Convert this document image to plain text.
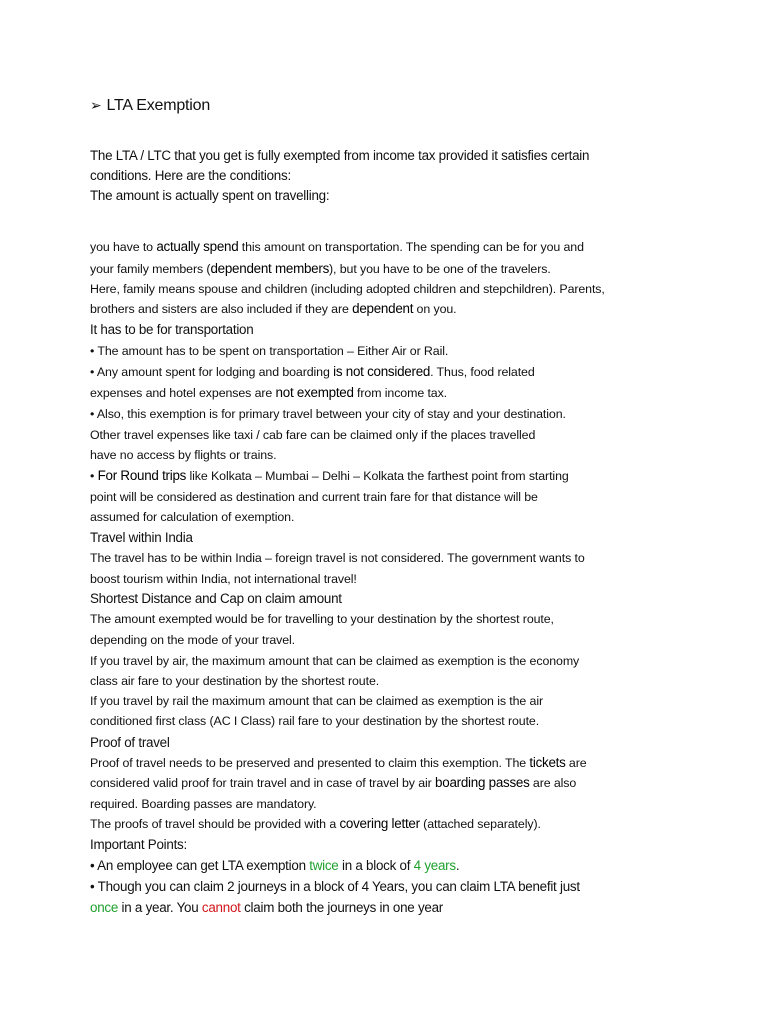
➢ LTA Exemption
The LTA / LTC that you get is fully exempted from income tax provided it satisfies certain
conditions. Here are the conditions:
The amount is actually spent on travelling:
you have to actually spend this amount on transportation. The spending can be for you and
your family members (dependent members), but you have to be one of the travelers.
Here, family means spouse and children (including adopted children and stepchildren). Parents,
brothers and sisters are also included if they are dependent on you.
It has to be for transportation
• The amount has to be spent on transportation – Either Air or Rail.
• Any amount spent for lodging and boarding is not considered. Thus, food related
expenses and hotel expenses are not exempted from income tax.
• Also, this exemption is for primary travel between your city of stay and your destination.
Other travel expenses like taxi / cab fare can be claimed only if the places travelled
have no access by flights or trains.
• For Round trips like Kolkata – Mumbai – Delhi – Kolkata the farthest point from starting
point will be considered as destination and current train fare for that distance will be
assumed for calculation of exemption.
Travel within India
The travel has to be within India – foreign travel is not considered. The government wants to
boost tourism within India, not international travel!
Shortest Distance and Cap on claim amount
The amount exempted would be for travelling to your destination by the shortest route,
depending on the mode of your travel.
If you travel by air, the maximum amount that can be claimed as exemption is the economy
class air fare to your destination by the shortest route.
If you travel by rail the maximum amount that can be claimed as exemption is the air
conditioned first class (AC I Class) rail fare to your destination by the shortest route.
Proof of travel
Proof of travel needs to be preserved and presented to claim this exemption. The tickets are
considered valid proof for train travel and in case of travel by air boarding passes are also
required. Boarding passes are mandatory.
The proofs of travel should be provided with a covering letter (attached separately).
Important Points:
• An employee can get LTA exemption twice in a block of 4 years.
• Though you can claim 2 journeys in a block of 4 Years, you can claim LTA benefit just
once in a year. You cannot claim both the journeys in one year
